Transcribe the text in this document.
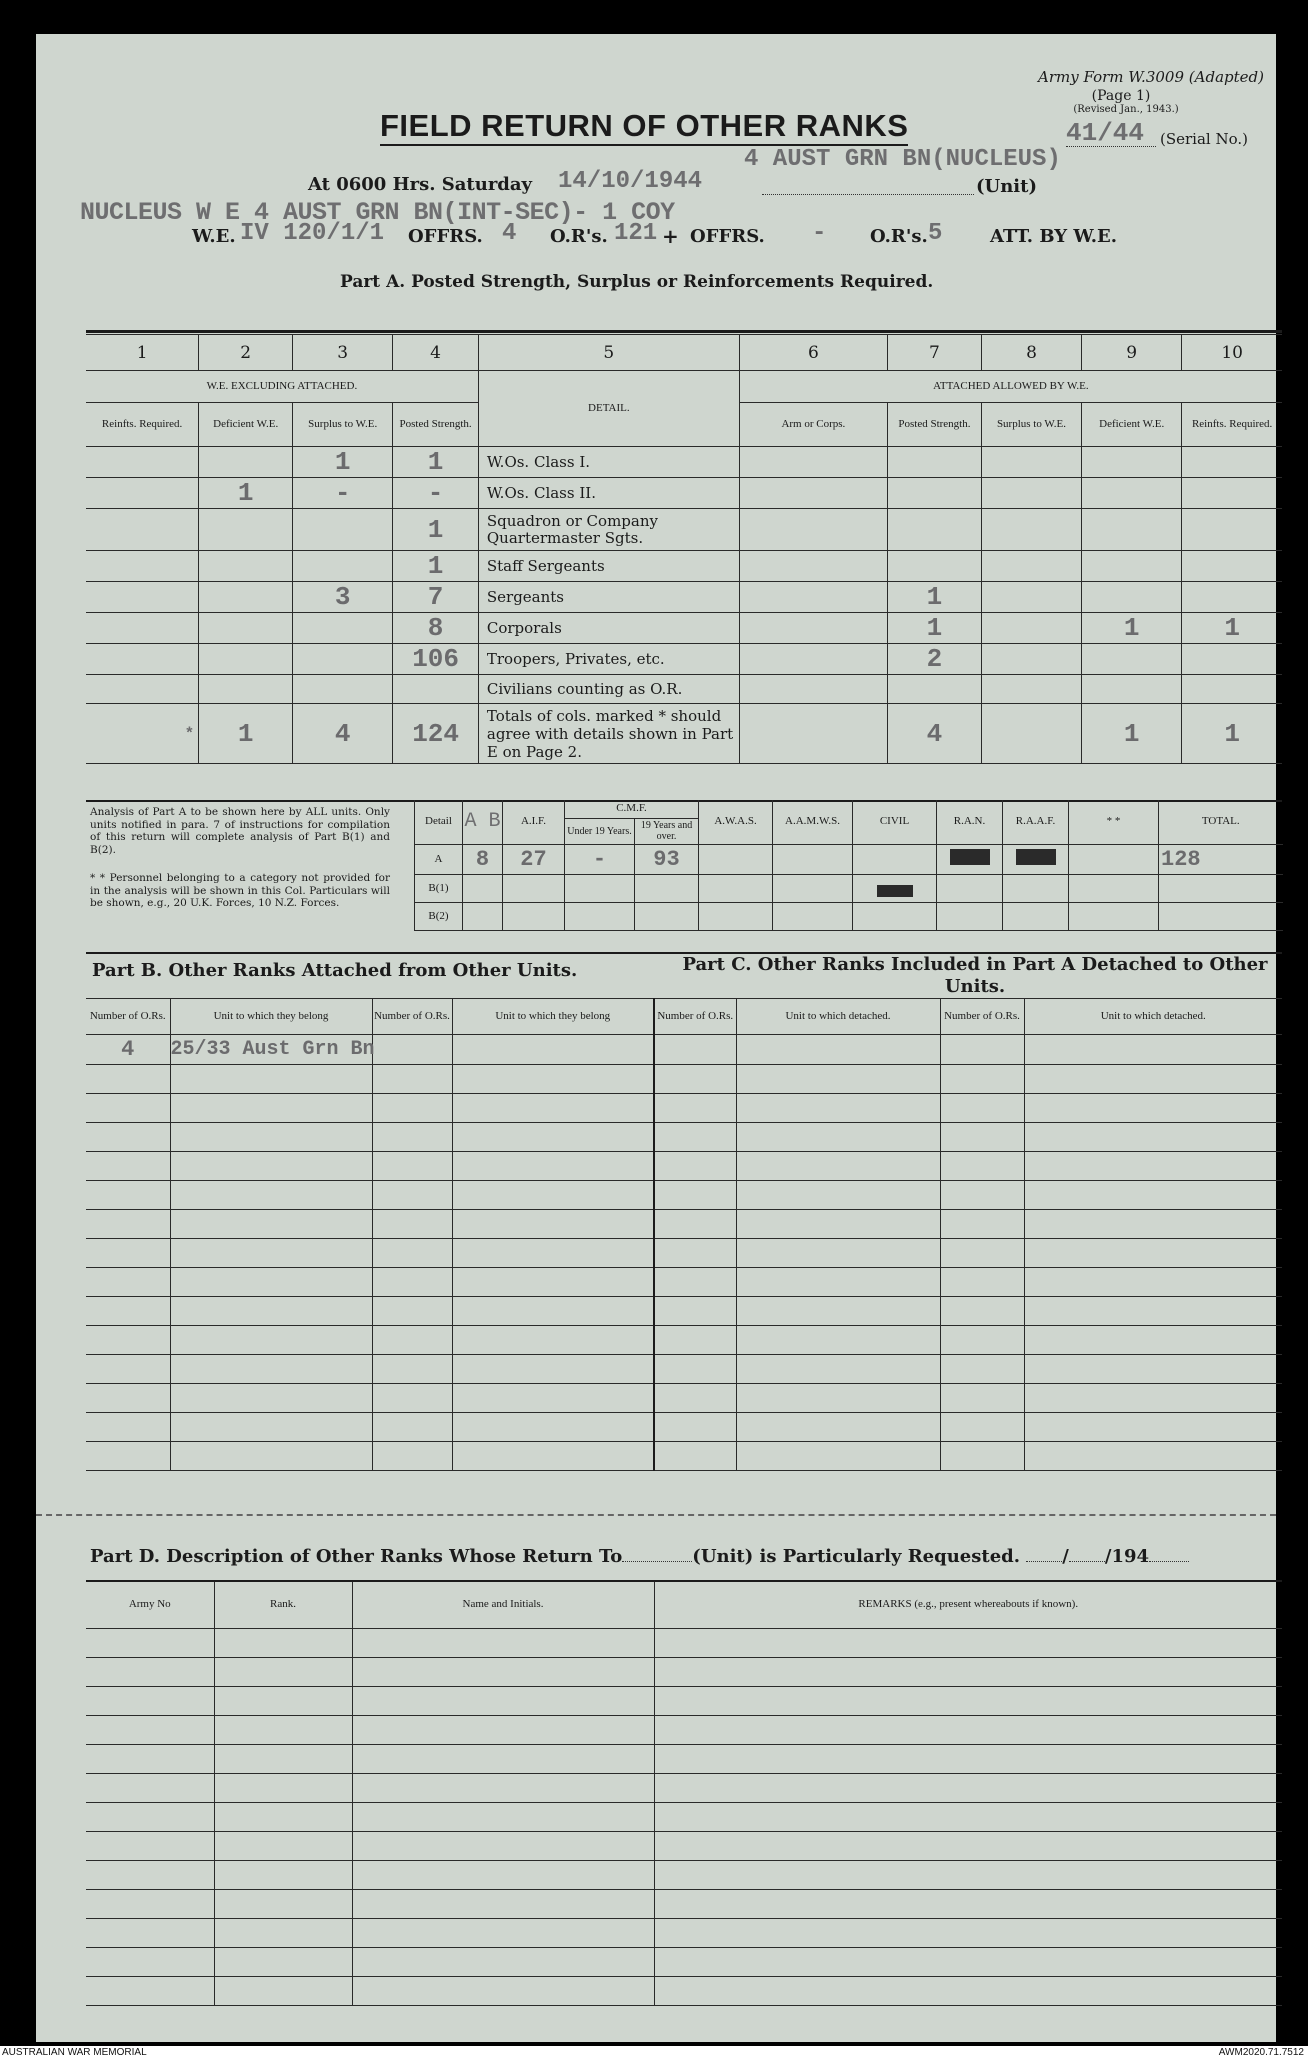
Army Form W.3009 (Adapted)
(Page 1)
(Revised Jan., 1943.)
41/44 (Serial No.)
FIELD RETURN OF OTHER RANKS
4 AUST GRN BN(NUCLEUS)
At 0600 Hrs. Saturday 14/10/1944	(Unit)
NUCLEUS W E 4 AUST GRN BN(INT-SEC)- 1 COY
W.E. IV 120/1/1 OFFRS. 4 O.R's. 121 + OFFRS. - O.R's. 5	ATT. BY W.E.
Part A. Posted Strength, Surplus or Reinforcements Required.
1	2	3	4	5	6	7	8	9	10
W.E. EXCLUDING ATTACHED.				DETAIL.	ATTACHED ALLOWED BY W.E.				
Reinfts. Required.	Deficient W.E.	Surplus to W.E.	Posted Strength.		Arm or Corps.	Posted Strength.	Surplus to W.E.	Deficient W.E.	Reinfts. Required.
		1	1	W.Os. Class I.					
	1	-	-	W.Os. Class II.					
			1	Squadron or Company Quartermaster Sgts.					
			1	Staff Sergeants					
		3	7	Sergeants		1			
			8	Corporals		1		1	1
			106	Troopers, Privates, etc.		2			
				Civilians counting as O.R.					
*	1	4	124	Totals of cols. marked * should agree with details shown in Part E on Page 2.		4		1	1
Analysis of Part A to be shown here by ALL units. Only units notified in para. 7 of instructions for compilation of this return will complete analysis of Part B(1) and B(2).
* * Personnel belonging to a category not provided for in the analysis will be shown in this Col. Particulars will be shown, e.g., 20 U.K. Forces, 10 N.Z. Forces.
Detail	A B	A.I.F.	C.M.F.		A.W.A.S.	A.A.M.W.S.	CIVIL	R.A.N.	R.A.A.F.	* *	TOTAL.
			Under 19 Years.	19 Years and over.							
A	8	27	-	93							128
B(1)											
B(2)											
Part B. Other Ranks Attached from Other Units.	Part C. Other Ranks Included in Part A Detached to Other Units.
Number of O.Rs.	Unit to which they belong	Number of O.Rs.	Unit to which they belong	Number of O.Rs.	Unit to which detached.	Number of O.Rs.	Unit to which detached.
4	25/33 Aust Grn Bn						

Part D. Description of Other Ranks Whose Return To	(Unit) is Particularly Requested. / /194
Army No	Rank.	Name and Initials.	REMARKS (e.g., present whereabouts if known).

AUSTRALIAN WAR MEMORIAL	AWM2020.71.7512
